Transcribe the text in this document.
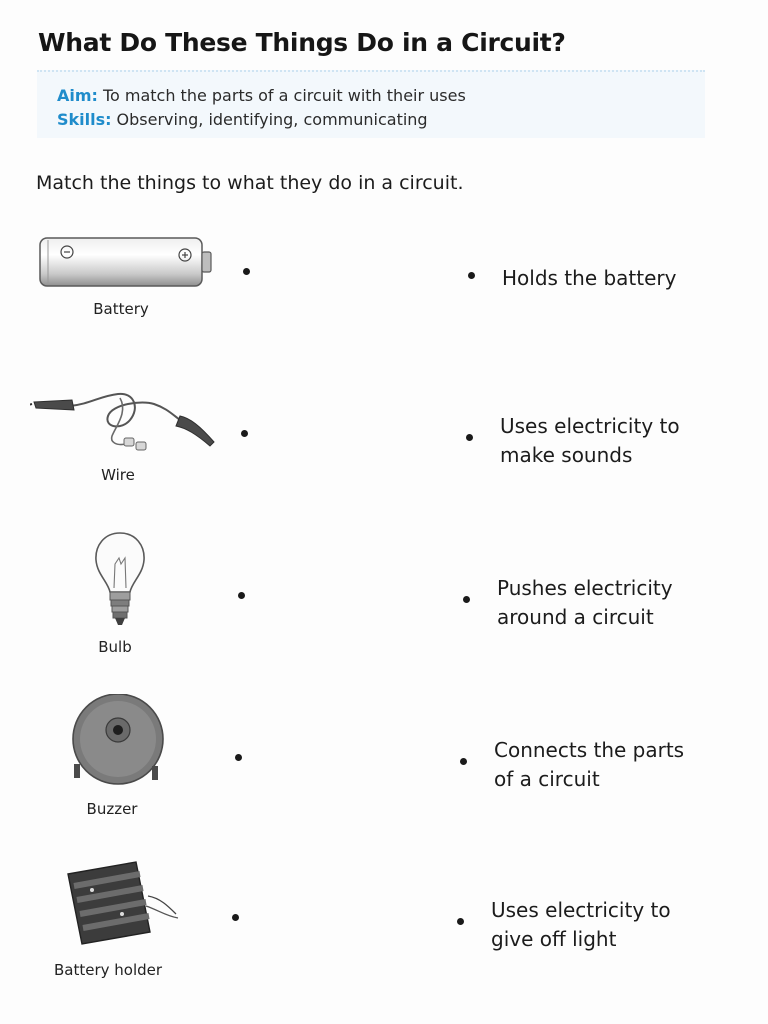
What Do These Things Do in a Circuit?
Aim: To match the parts of a circuit with their uses
Skills: Observing, identifying, communicating
Match the things to what they do in a circuit.
Battery
Wire
Bulb
Buzzer
Battery holder
Holds the battery
Uses electricity to
make sounds
Pushes electricity
around a circuit
Connects the parts
of a circuit
Uses electricity to
give off light
